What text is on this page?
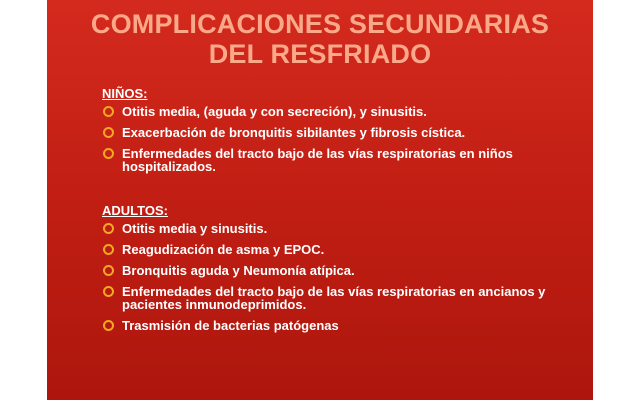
COMPLICACIONES SECUNDARIAS
DEL RESFRIADO
NIÑOS:
Otitis media, (aguda y con secreción), y sinusitis.
Exacerbación de bronquitis sibilantes y fibrosis cística.
Enfermedades del tracto bajo de las vías respiratorias en niños hospitalizados.
ADULTOS:
Otitis media y sinusitis.
Reagudización de asma y EPOC.
Bronquitis aguda y Neumonía atípica.
Enfermedades del tracto bajo de las vías respiratorias en ancianos y pacientes inmunodeprimidos.
Trasmisión de bacterias patógenas
